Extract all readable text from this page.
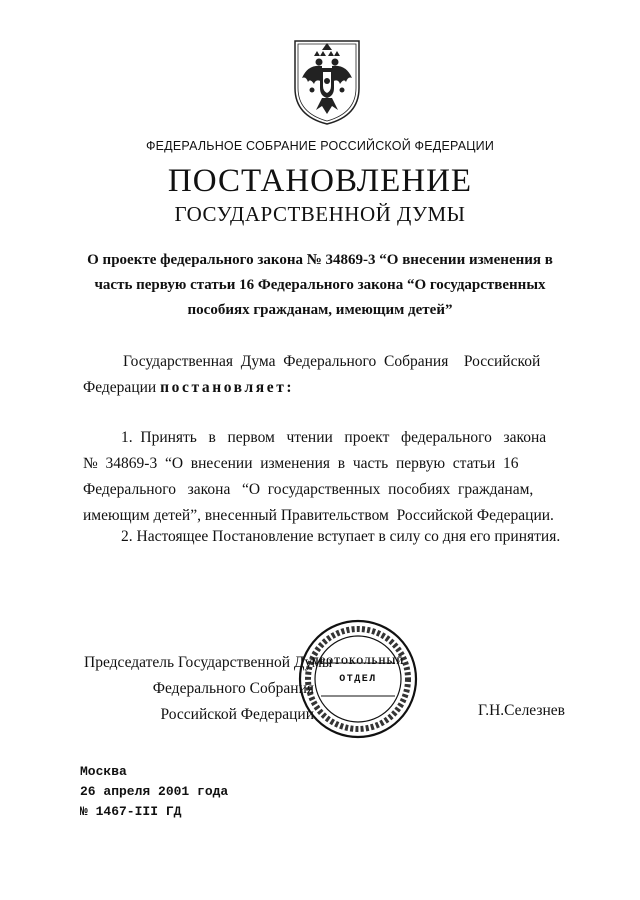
ФЕДЕРАЛЬНОЕ СОБРАНИЕ РОССИЙСКОЙ ФЕДЕРАЦИИ
ПОСТАНОВЛЕНИЕ
ГОСУДАРСТВЕННОЙ ДУМЫ
О проекте федерального закона № 34869-3 “О внесении изменения в
часть первую статьи 16 Федерального закона “О государственных
пособиях гражданам, имеющим детей”
Государственная  Дума  Федерального  Собрания    Российской
Федерации постановляет:
1.  Принять   в   первом   чтении   проект   федерального   закона
№  34869-3  “О  внесении  изменения  в  часть  первую  статьи  16
Федерального   закона   “О  государственных  пособиях  гражданам,
имеющим детей”, внесенный Правительством  Российской Федерации.
2. Настоящее Постановление вступает в силу со дня его принятия.
Председатель Государственной Думы
Федерального Собрания
Российской Федерации
ПРОТОКОЛЬНЫЙ
ОТДЕЛ
Г.Н.Селезнев
Москва
26 апреля 2001 года
№ 1467-III ГД
